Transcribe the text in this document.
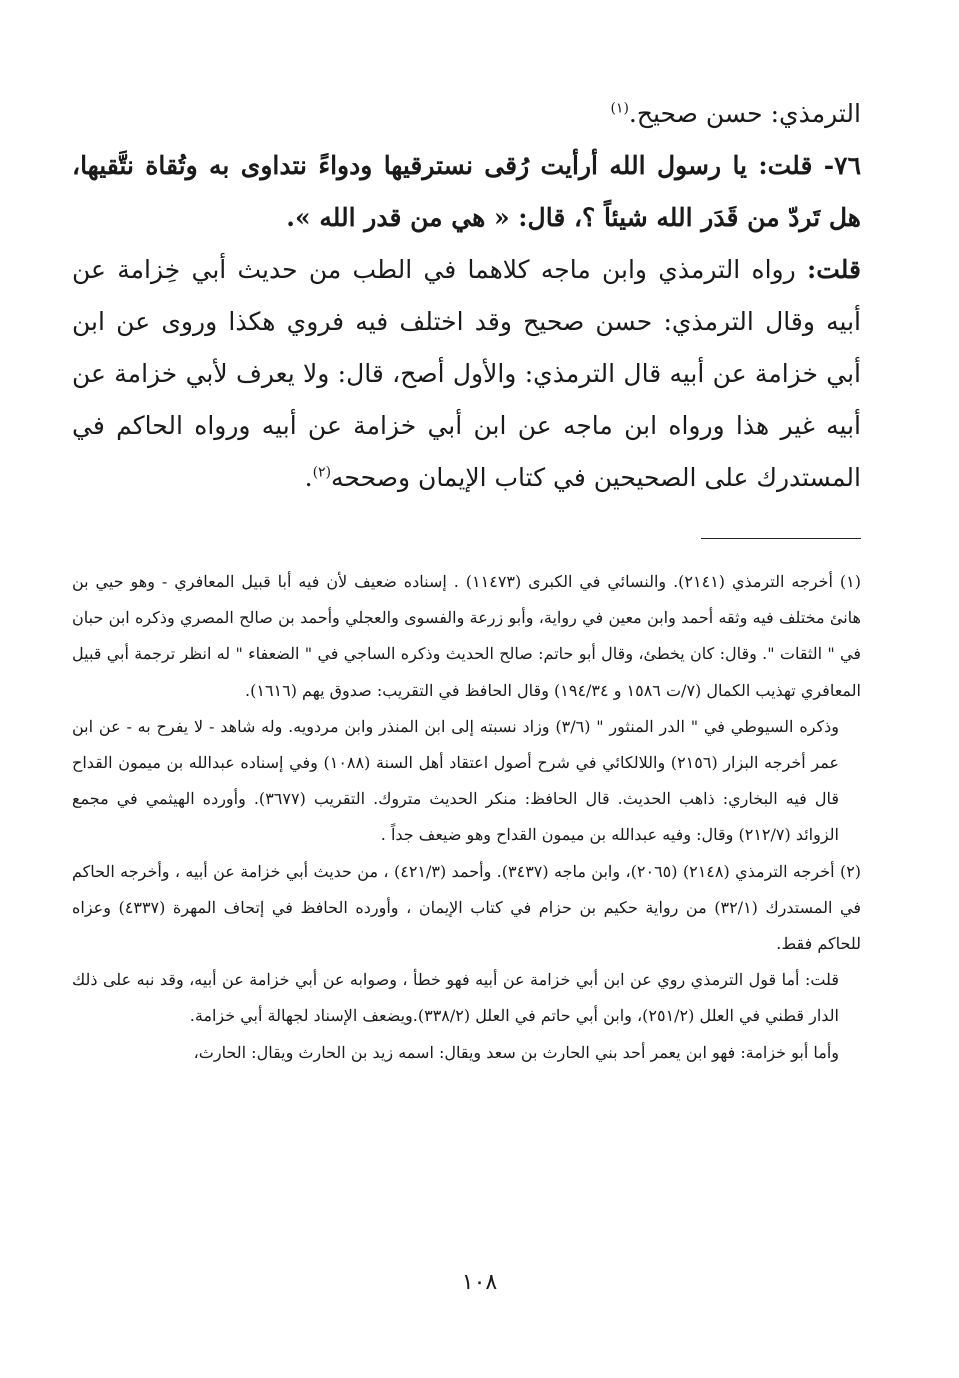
الترمذي: حسن صحيح.$^{(١)}$

٧٦- قلت: يا رسول الله أرأيت رُقى نسترقيها ودواءً نتداوى به وتُقاة نتَّقيها، هل تَردّ من قَدَر الله شيئاً ؟، قال: « هي من قدر الله ».

قلت: رواه الترمذي وابن ماجه كلاهما في الطب من حديث أبي خِزامة عن أبيه وقال الترمذي: حسن صحيح وقد اختلف فيه فروي هكذا وروى عن ابن أبي خزامة عن أبيه قال الترمذي: والأول أصح، قال: ولا يعرف لأبي خزامة عن أبيه غير هذا ورواه ابن ماجه عن ابن أبي خزامة عن أبيه ورواه الحاكم في المستدرك على الصحيحين في كتاب الإيمان وصححه$^{(٢)}$.

(١) أخرجه الترمذي (٢١٤١). والنسائي في الكبرى (١١٤٧٣) . إسناده ضعيف لأن فيه أبا قبيل المعافري - وهو حيي بن هانئ مختلف فيه وثقه أحمد وابن معين في رواية، وأبو زرعة والفسوى والعجلي وأحمد بن صالح المصري وذكره ابن حبان في " الثقات ". وقال: كان يخطئ، وقال أبو حاتم: صالح الحديث وذكره الساجي في " الضعفاء " له انظر ترجمة أبي قبيل المعافري تهذيب الكمال (٧/ت ١٥٨٦ و ١٩٤/٣٤) وقال الحافظ في التقريب: صدوق يهم (١٦١٦).

وذكره السيوطي في " الدر المنثور " (٣/٦) وزاد نسبته إلى ابن المنذر وابن مردويه. وله شاهد - لا يفرح به - عن ابن عمر أخرجه البزار (٢١٥٦) واللالكائي في شرح أصول اعتقاد أهل السنة (١٠٨٨) وفي إسناده عبدالله بن ميمون القداح قال فيه البخاري: ذاهب الحديث. قال الحافظ: منكر الحديث متروك. التقريب (٣٦٧٧). وأورده الهيثمي في مجمع الزوائد (٢١٢/٧) وقال: وفيه عبدالله بن ميمون القداح وهو ضيعف جداً .

(٢) أخرجه الترمذي (٢١٤٨) (٢٠٦٥)، وابن ماجه (٣٤٣٧). وأحمد (٤٢١/٣) ، من حديث أبي خزامة عن أبيه ، وأخرجه الحاكم في المستدرك (٣٢/١) من رواية حكيم بن حزام في كتاب الإيمان ، وأورده الحافظ في إتحاف المهرة (٤٣٣٧) وعزاه للحاكم فقط.

قلت: أما قول الترمذي روي عن ابن أبي خزامة عن أبيه فهو خطأ ، وصوابه عن أبي خزامة عن أبيه، وقد نبه على ذلك الدار قطني في العلل (٢٥١/٢)، وابن أبي حاتم في العلل (٣٣٨/٢).ويضعف الإسناد لجهالة أبي خزامة.

وأما أبو خزامة: فهو ابن يعمر أحد بني الحارث بن سعد ويقال: اسمه زيد بن الحارث ويقال: الحارث،

١٠٨
